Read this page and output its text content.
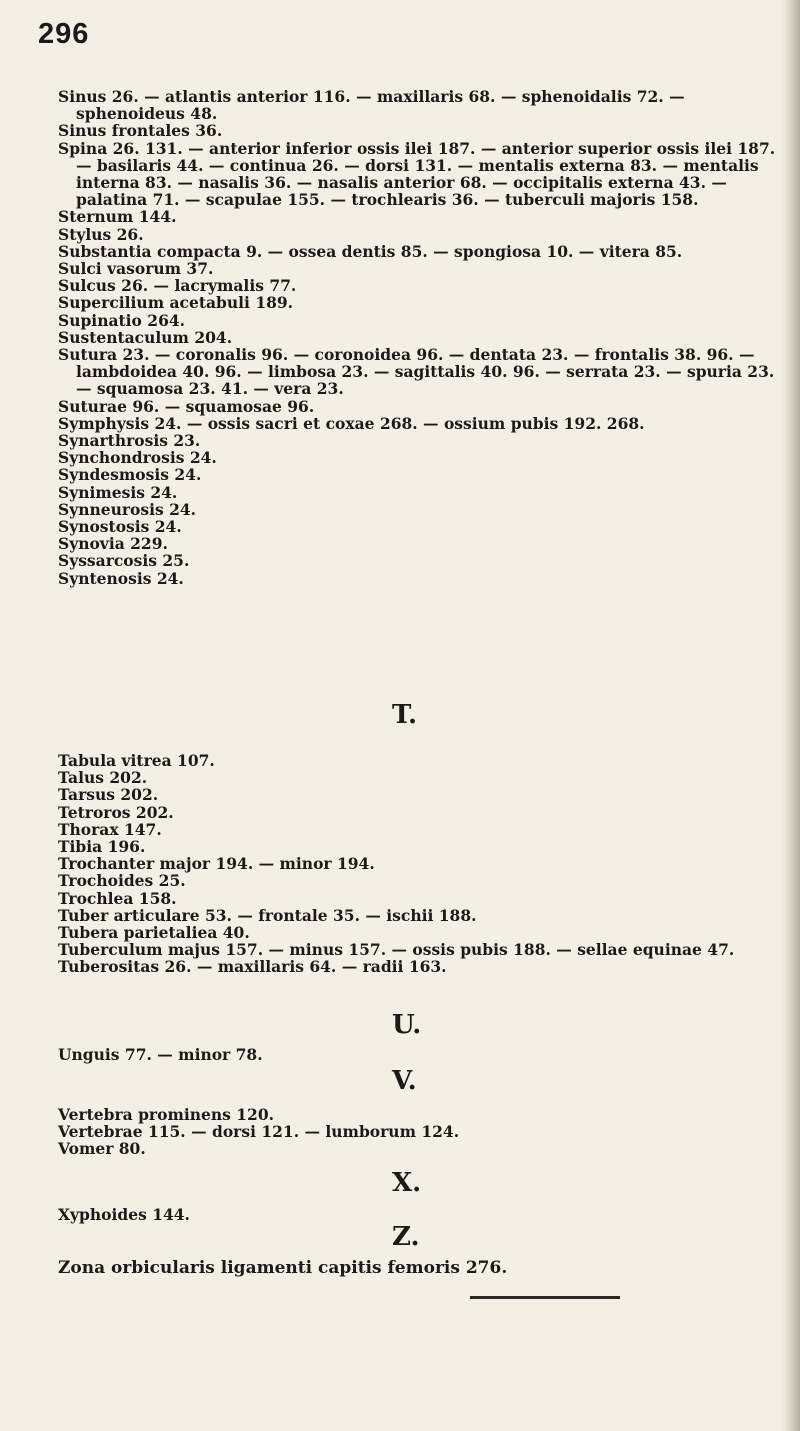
296
Sinus 26. — atlantis anterior 116. — maxillaris 68. — sphenoidalis 72. — sphenoideus 48.
Sinus frontales 36.
Spina 26. 131. — anterior inferior ossis ilei 187. — anterior superior ossis ilei 187. — basilaris 44. — continua 26. — dorsi 131. — mentalis externa 83. — mentalis interna 83. — nasalis 36. — nasalis anterior 68. — occipitalis externa 43. — palatina 71. — scapulae 155. — trochlearis 36. — tuberculi majoris 158.
Sternum 144.
Stylus 26.
Substantia compacta 9. — ossea dentis 85. — spongiosa 10. — vitera 85.
Sulci vasorum 37.
Sulcus 26. — lacrymalis 77.
Supercilium acetabuli 189.
Supinatio 264.
Sustentaculum 204.
Sutura 23. — coronalis 96. — coronoidea 96. — dentata 23. — frontalis 38. 96. — lambdoidea 40. 96. — limbosa 23. — sagittalis 40. 96. — serrata 23. — spuria 23. — squamosa 23. 41. — vera 23.
Suturae 96. — squamosae 96.
Symphysis 24. — ossis sacri et coxae 268. — ossium pubis 192. 268.
Synarthrosis 23.
Synchondrosis 24.
Syndesmosis 24.
Synimesis 24.
Synneurosis 24.
Synostosis 24.
Synovia 229.
Syssarcosis 25.
Syntenosis 24.
T.
Tabula vitrea 107.
Talus 202.
Tarsus 202.
Tetroros 202.
Thorax 147.
Tibia 196.
Trochanter major 194. — minor 194.
Trochoides 25.
Trochlea 158.
Tuber articulare 53. — frontale 35. — ischii 188.
Tubera parietaliea 40.
Tuberculum majus 157. — minus 157. — ossis pubis 188. — sellae equinae 47.
Tuberositas 26. — maxillaris 64. — radii 163.
U.
Unguis 77. — minor 78.
V.
Vertebra prominens 120.
Vertebrae 115. — dorsi 121. — lumborum 124.
Vomer 80.
X.
Xyphoides 144.
Z.
Zona orbicularis ligamenti capitis femoris 276.
